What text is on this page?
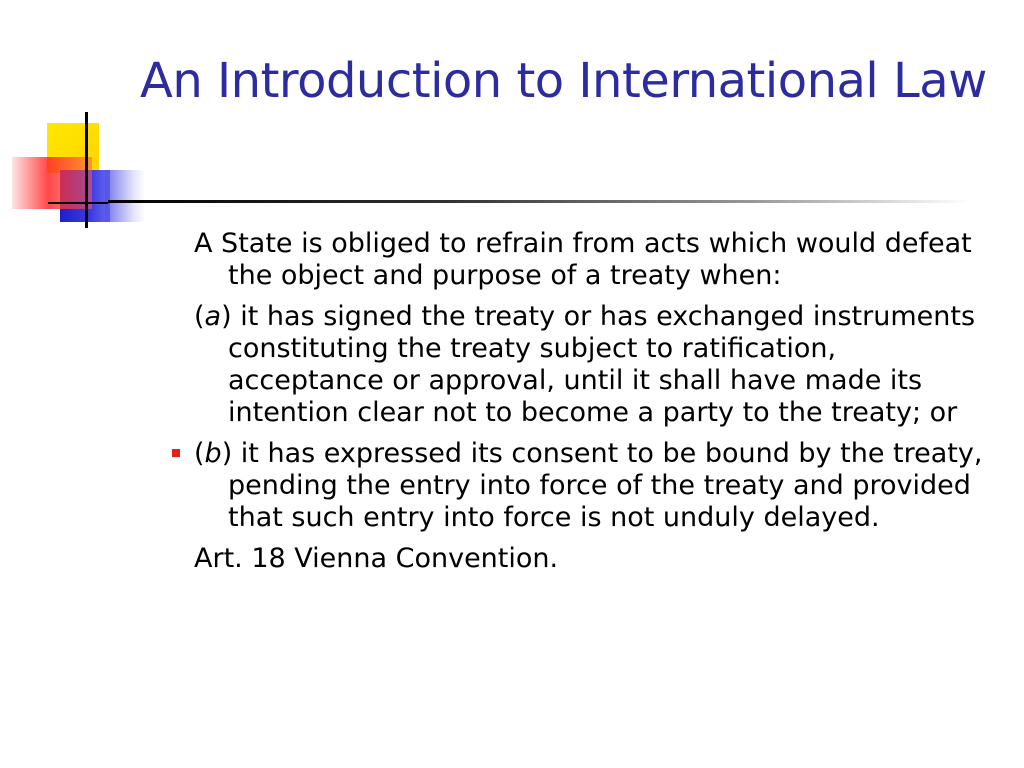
An Introduction to International Law
A State is obliged to refrain from acts which would defeat the object and purpose of a treaty when:
(a) it has signed the treaty or has exchanged instruments constituting the treaty subject to ratification, acceptance or approval, until it shall have made its intention clear not to become a party to the treaty; or
(b) it has expressed its consent to be bound by the treaty, pending the entry into force of the treaty and provided that such entry into force is not unduly delayed.
Art. 18 Vienna Convention.
